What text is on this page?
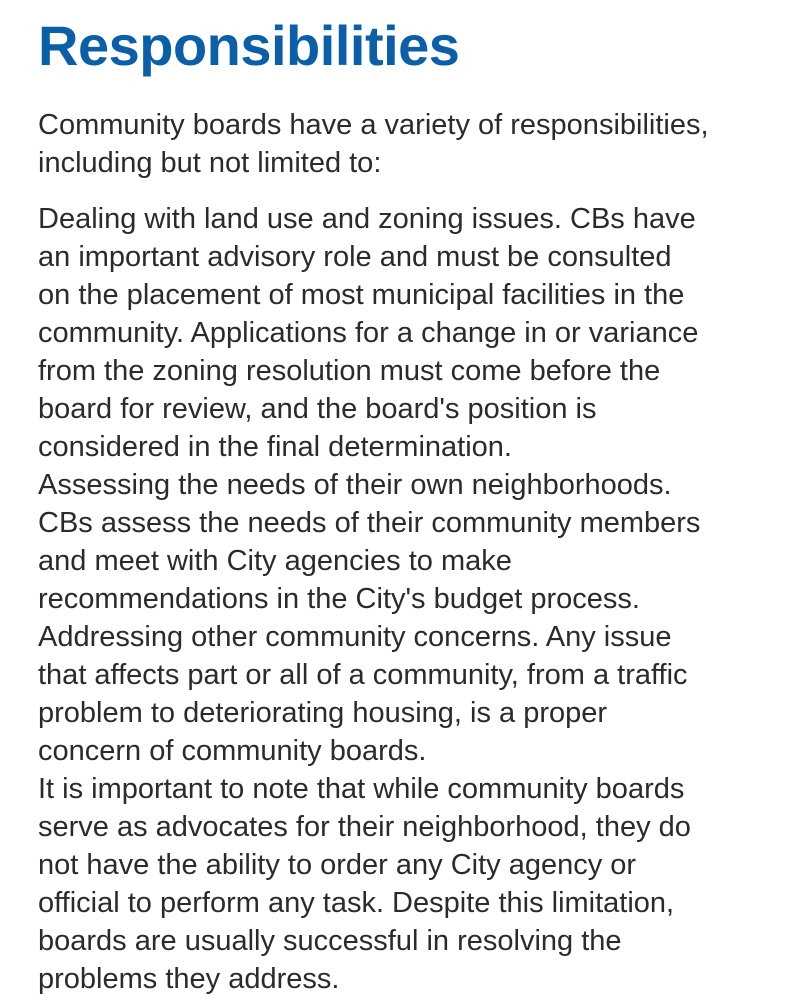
Responsibilities

Community boards have a variety of responsibilities,
including but not limited to:

Dealing with land use and zoning issues. CBs have
an important advisory role and must be consulted
on the placement of most municipal facilities in the
community. Applications for a change in or variance
from the zoning resolution must come before the
board for review, and the board's position is
considered in the final determination.

Assessing the needs of their own neighborhoods.
CBs assess the needs of their community members
and meet with City agencies to make
recommendations in the City's budget process.

Addressing other community concerns. Any issue
that affects part or all of a community, from a traffic
problem to deteriorating housing, is a proper
concern of community boards.

It is important to note that while community boards
serve as advocates for their neighborhood, they do
not have the ability to order any City agency or
official to perform any task. Despite this limitation,
boards are usually successful in resolving the
problems they address.
